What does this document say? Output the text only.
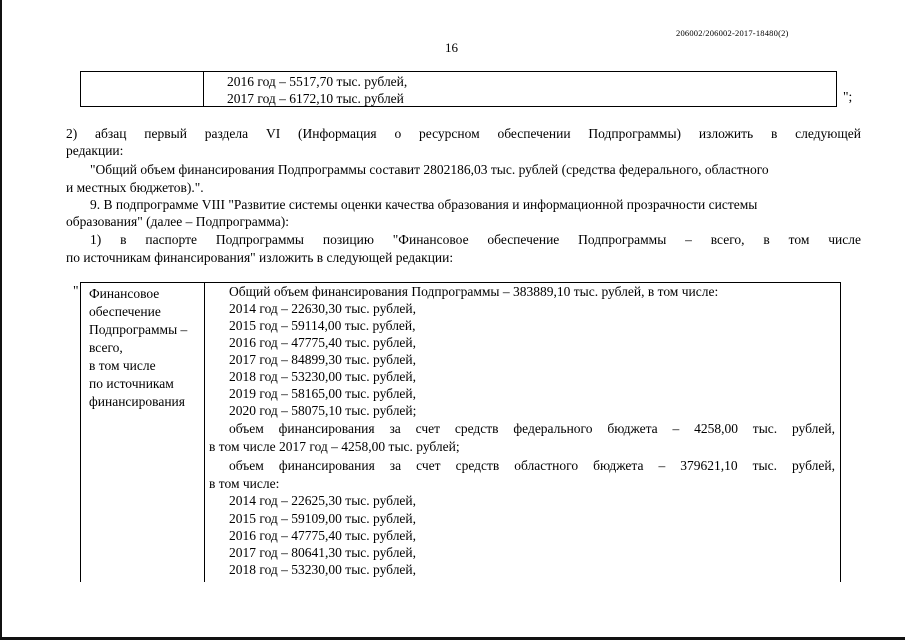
206002/206002-2017-18480(2)
16
2016 год – 5517,70 тыс. рублей,
2017 год – 6172,10 тыс. рублей	";
2) абзац первый раздела VI (Информация о ресурсном обеспечении Подпрограммы) изложить в следующей
редакции:
"Общий объем финансирования Подпрограммы составит 2802186,03 тыс. рублей (средства федерального, областного
и местных бюджетов).".
9. В подпрограмме VIII "Развитие системы оценки качества образования и информационной прозрачности системы
образования" (далее – Подпрограмма):
1) в паспорте Подпрограммы позицию "Финансовое обеспечение Подпрограммы – всего, в том числе
по источникам финансирования" изложить в следующей редакции:
" Финансовое
обеспечение
Подпрограммы –
всего,
в том числе
по источникам
финансирования
Общий объем финансирования Подпрограммы – 383889,10 тыс. рублей, в том числе:
2014 год – 22630,30 тыс. рублей,
2015 год – 59114,00 тыс. рублей,
2016 год – 47775,40 тыс. рублей,
2017 год – 84899,30 тыс. рублей,
2018 год – 53230,00 тыс. рублей,
2019 год – 58165,00 тыс. рублей,
2020 год – 58075,10 тыс. рублей;
объем финансирования за счет средств федерального бюджета – 4258,00 тыс. рублей,
в том числе 2017 год – 4258,00 тыс. рублей;
объем финансирования за счет средств областного бюджета – 379621,10 тыс. рублей,
в том числе:
2014 год – 22625,30 тыс. рублей,
2015 год – 59109,00 тыс. рублей,
2016 год – 47775,40 тыс. рублей,
2017 год – 80641,30 тыс. рублей,
2018 год – 53230,00 тыс. рублей,
